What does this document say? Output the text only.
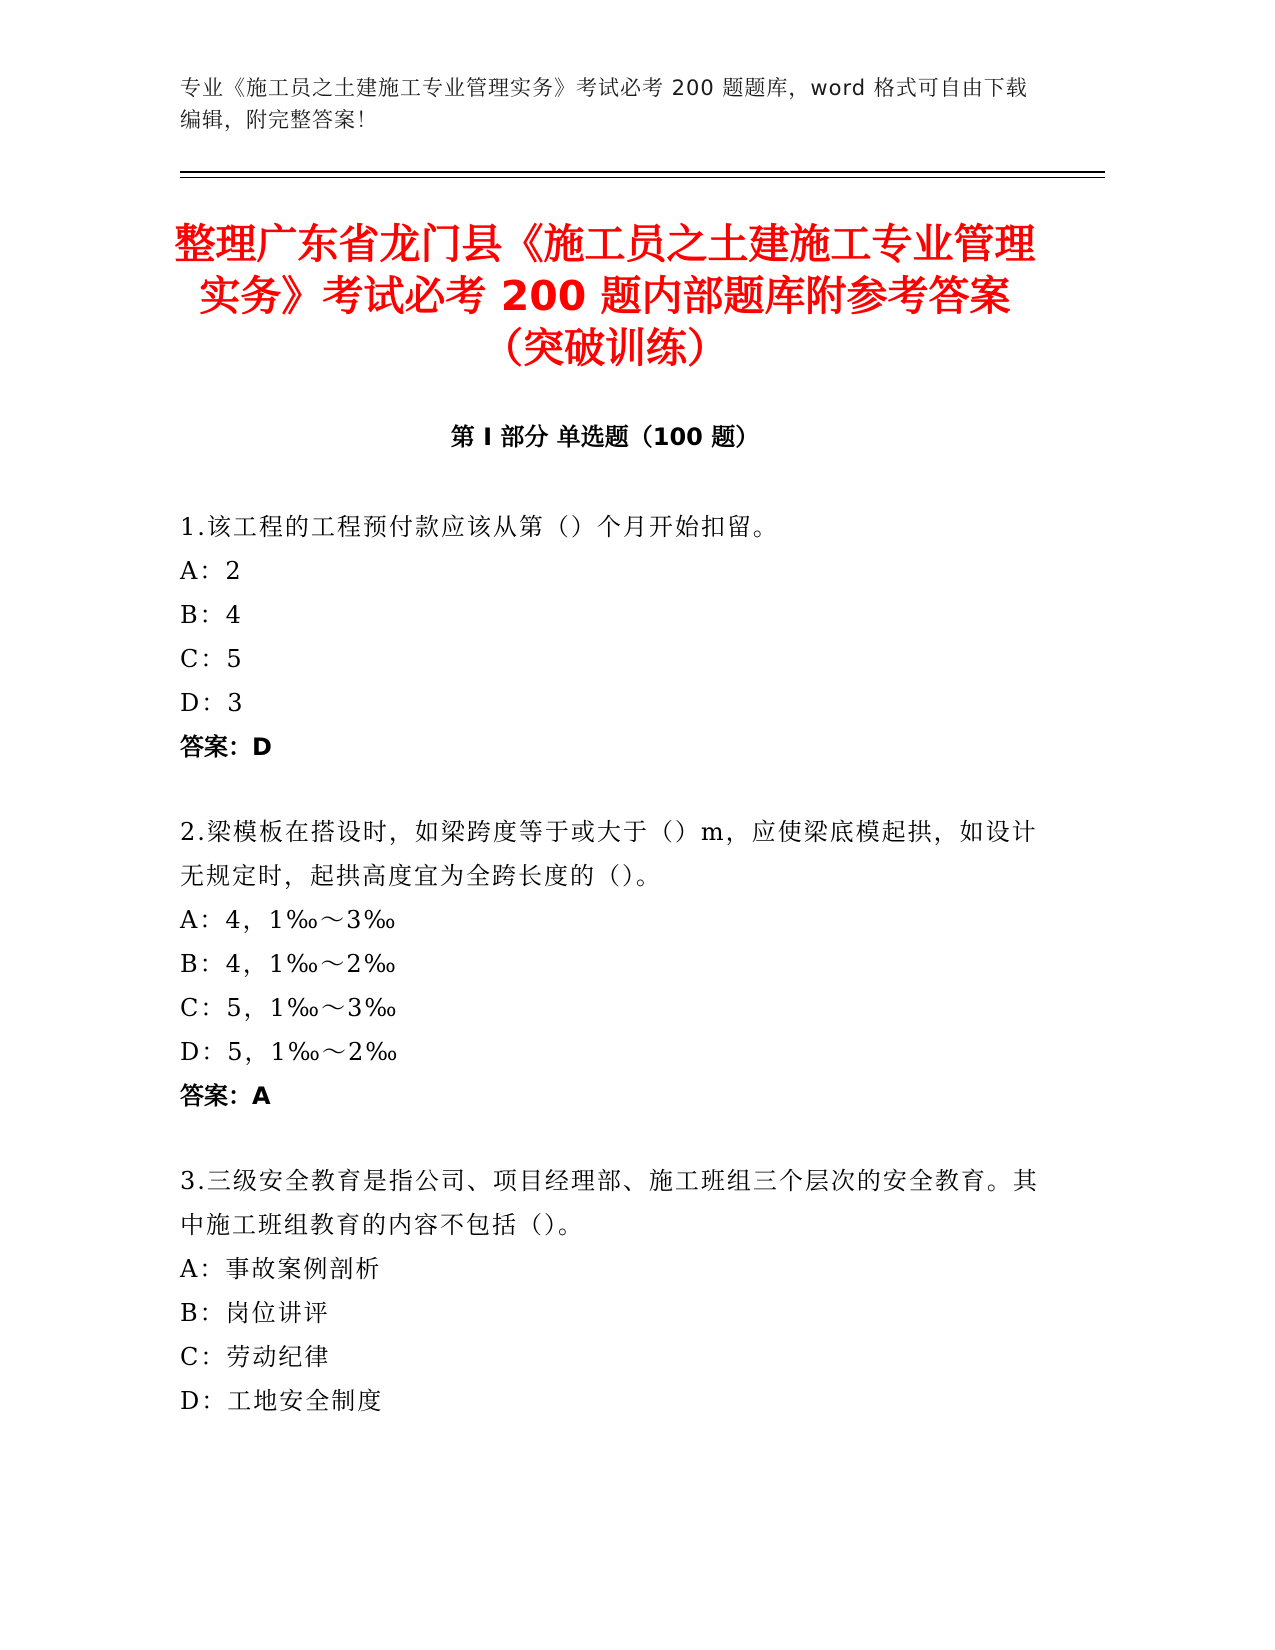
专业《施工员之土建施工专业管理实务》考试必考 200 题题库，word 格式可自由下载编辑，附完整答案！
整理广东省龙门县《施工员之土建施工专业管理实务》考试必考 200 题内部题库附参考答案（突破训练）
第 I 部分 单选题（100 题）
1.该工程的工程预付款应该从第（）个月开始扣留。
A：2
B：4
C：5
D：3
答案：D
2.梁模板在搭设时，如梁跨度等于或大于（）m，应使梁底模起拱，如设计无规定时，起拱高度宜为全跨长度的（）。
A：4，1‰～3‰
B：4，1‰～2‰
C：5，1‰～3‰
D：5，1‰～2‰
答案：A
3.三级安全教育是指公司、项目经理部、施工班组三个层次的安全教育。其中施工班组教育的内容不包括（）。
A：事故案例剖析
B：岗位讲评
C：劳动纪律
D：工地安全制度
